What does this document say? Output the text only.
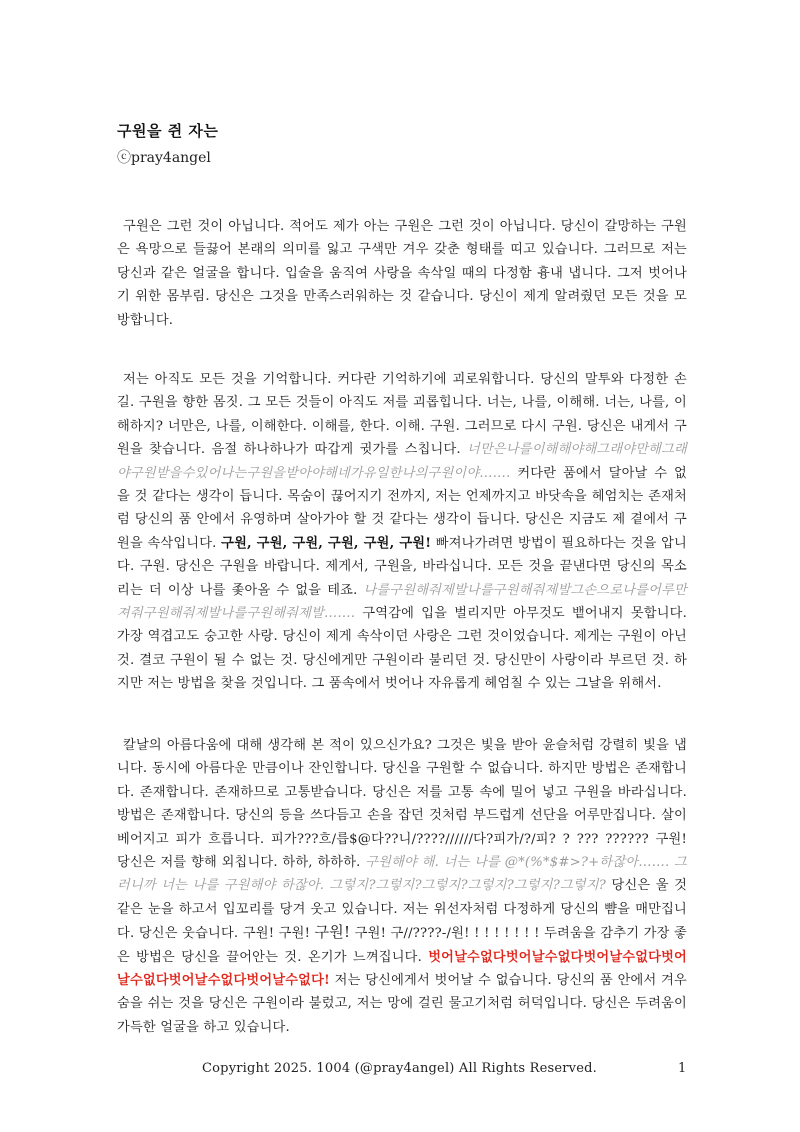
구원을 쥔 자는
ⓒpray4angel
구원은 그런 것이 아닙니다. 적어도 제가 아는 구원은 그런 것이 아닙니다. 당신이 갈망하는 구원은 욕망으로 들끓어 본래의 의미를 잃고 구색만 겨우 갖춘 형태를 띠고 있습니다. 그러므로 저는 당신과 같은 얼굴을 합니다. 입술을 움직여 사랑을 속삭일 때의 다정함 흉내 냅니다. 그저 벗어나기 위한 몸부림. 당신은 그것을 만족스러워하는 것 같습니다. 당신이 제게 알려줬던 모든 것을 모방합니다.
저는 아직도 모든 것을 기억합니다. 커다란 기억하기에 괴로워합니다. 당신의 말투와 다정한 손길. 구원을 향한 몸짓. 그 모든 것들이 아직도 저를 괴롭힙니다. 너는, 나를, 이해해. 너는, 나를, 이해하지? 너만은, 나를, 이해한다. 이해를, 한다. 이해. 구원. 그러므로 다시 구원. 당신은 내게서 구원을 찾습니다. 음절 하나하나가 따갑게 귓가를 스칩니다. 너만은나를이해해야해그래야만해그래야구원받을수있어나는구원을받아야해네가유일한나의구원이야……. 커다란 품에서 달아날 수 없을 것 같다는 생각이 듭니다. 목숨이 끊어지기 전까지, 저는 언제까지고 바닷속을 헤엄치는 존재처럼 당신의 품 안에서 유영하며 살아가야 할 것 같다는 생각이 듭니다. 당신은 지금도 제 곁에서 구원을 속삭입니다. 구원, 구원, 구원, 구원, 구원, 구원! 빠져나가려면 방법이 필요하다는 것을 압니다. 구원. 당신은 구원을 바랍니다. 제게서, 구원을, 바라십니다. 모든 것을 끝낸다면 당신의 목소리는 더 이상 나를 좇아올 수 없을 테죠. 나를구원해줘제발나를구원해줘제발그손으로나를어루만져줘구원해줘제발나를구원해줘제발……. 구역감에 입을 벌리지만 아무것도 뱉어내지 못합니다. 가장 역겹고도 숭고한 사랑. 당신이 제게 속삭이던 사랑은 그런 것이었습니다. 제게는 구원이 아닌 것. 결코 구원이 될 수 없는 것. 당신에게만 구원이라 불리던 것. 당신만이 사랑이라 부르던 것. 하지만 저는 방법을 찾을 것입니다. 그 품속에서 벗어나 자유롭게 헤엄칠 수 있는 그날을 위해서.
칼날의 아름다움에 대해 생각해 본 적이 있으신가요? 그것은 빛을 받아 윤슬처럼 강렬히 빛을 냅니다. 동시에 아름다운 만큼이나 잔인합니다. 당신을 구원할 수 없습니다. 하지만 방법은 존재합니다. 존재합니다. 존재하므로 고통받습니다. 당신은 저를 고통 속에 밀어 넣고 구원을 바라십니다. 방법은 존재합니다. 당신의 등을 쓰다듬고 손을 잡던 것처럼 부드럽게 선단을 어루만집니다. 살이 베어지고 피가 흐릅니다. 피가???흐/릅$@다??니/????//////다?피가/?/피? ? ??? ?????? 구원! 당신은 저를 향해 외칩니다. 하하, 하하하. 구원해야 해. 너는 나를 @*(%*$#>?+하잖아……. 그러니까 너는 나를 구원해야 하잖아. 그렇지?그렇지?그렇지?그렇지?그렇지?그렇지? 당신은 울 것 같은 눈을 하고서 입꼬리를 당겨 웃고 있습니다. 저는 위선자처럼 다정하게 당신의 뺨을 매만집니다. 당신은 웃습니다. 구원! 구원! 구원! 구원! 구//????-/원! ! ! ! ! ! ! ! 두려움을 감추기 가장 좋은 방법은 당신을 끌어안는 것. 온기가 느껴집니다. 벗어날수없다벗어날수없다벗어날수없다벗어날수없다벗어날수없다벗어날수없다! 저는 당신에게서 벗어날 수 없습니다. 당신의 품 안에서 겨우 숨을 쉬는 것을 당신은 구원이라 불렀고, 저는 망에 걸린 물고기처럼 허덕입니다. 당신은 두려움이 가득한 얼굴을 하고 있습니다.
Copyright 2025. 1004 (@pray4angel) All Rights Reserved.	1
